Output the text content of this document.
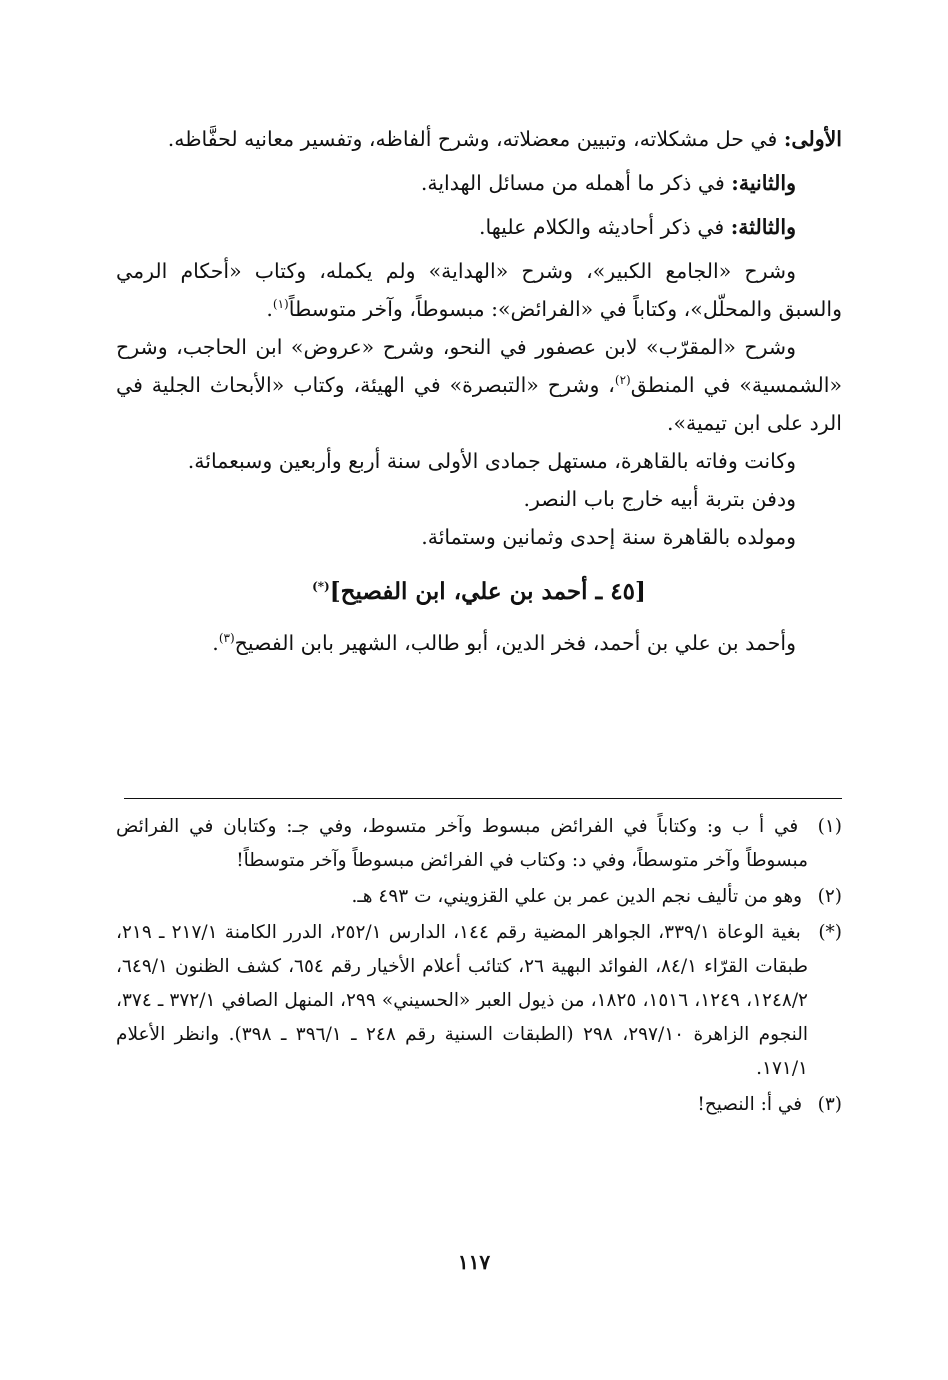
الأولى: في حل مشكلاته، وتبيين معضلاته، وشرح ألفاظه، وتفسير معانيه لحفَّاظه.

والثانية: في ذكر ما أهمله من مسائل الهداية.

والثالثة: في ذكر أحاديثه والكلام عليها.

وشرح «الجامع الكبير»، وشرح «الهداية» ولم يكمله، وكتاب «أحكام الرمي والسبق والمحلّل»، وكتاباً في «الفرائض»: مبسوطاً، وآخر متوسطاً$^{(١)}$.

وشرح «المقرّب» لابن عصفور في النحو، وشرح «عروض» ابن الحاجب، وشرح «الشمسية» في المنطق$^{(٢)}$، وشرح «التبصرة» في الهيئة، وكتاب «الأبحاث الجلية في الرد على ابن تيمية».

وكانت وفاته بالقاهرة، مستهل جمادى الأولى سنة أربع وأربعين وسبعمائة.

ودفن بتربة أبيه خارج باب النصر.

ومولده بالقاهرة سنة إحدى وثمانين وستمائة.

[٤٥ ـ أحمد بن علي، ابن الفصيح](*)

وأحمد بن علي بن أحمد، فخر الدين، أبو طالب، الشهير بابن الفصيح$^{(٣)}$.

(١) في أ ب و: وكتاباً في الفرائض مبسوط وآخر متسوط، وفي جـ: وكتابان في الفرائض مبسوطاً وآخر متوسطاً، وفي د: وكتاب في الفرائض مبسوطاً وآخر متوسطاً!

(٢) وهو من تأليف نجم الدين عمر بن علي القزويني، ت ٤٩٣ هـ.

(*) بغية الوعاة ٣٣٩/١، الجواهر المضية رقم ١٤٤، الدارس ٢٥٢/١، الدرر الكامنة ٢١٧/١ ـ ٢١٩، طبقات القرّاء ٨٤/١، الفوائد البهية ٢٦، كتائب أعلام الأخيار رقم ٦٥٤، كشف الظنون ٦٤٩/١، ١٢٤٨/٢، ١٢٤٩، ١٥١٦، ١٨٢٥، من ذيول العبر «الحسيني» ٢٩٩، المنهل الصافي ٣٧٢/١ ـ ٣٧٤، النجوم الزاهرة ٢٩٧/١٠، ٢٩٨ (الطبقات السنية رقم ٢٤٨ ـ ٣٩٦/١ ـ ٣٩٨). وانظر الأعلام ١٧١/١.

(٣) في أ: النصيح!

١١٧
